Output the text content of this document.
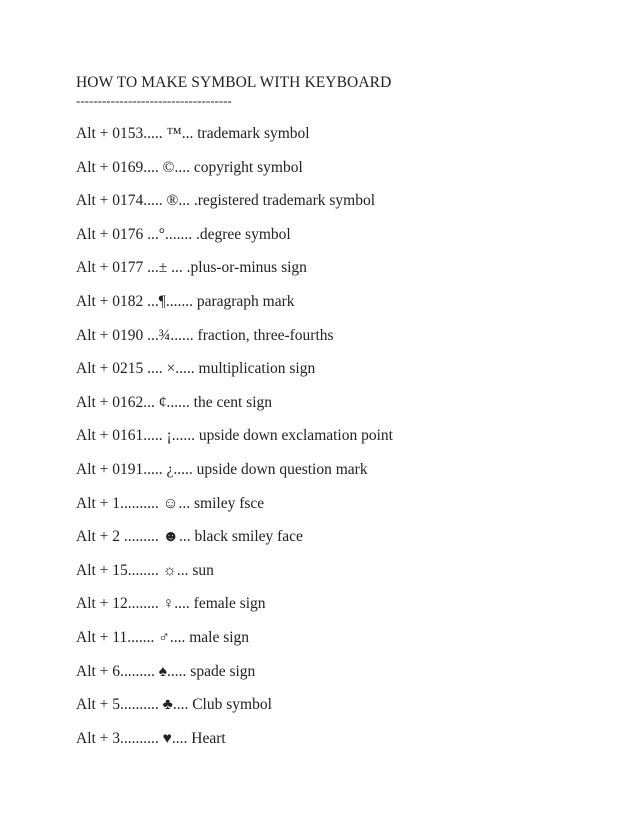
HOW TO MAKE SYMBOL WITH KEYBOARD
------------------------------------
Alt + 0153..... ™... trademark symbol
Alt + 0169.... ©.... copyright symbol
Alt + 0174..... ®... .registered trademark symbol
Alt + 0176 ...°....... .degree symbol
Alt + 0177 ...± ... .plus-or-minus sign
Alt + 0182 ...¶....... paragraph mark
Alt + 0190 ...¾...... fraction, three-fourths
Alt + 0215 .... ×..... multiplication sign
Alt + 0162... ¢...... the cent sign
Alt + 0161..... ¡...... upside down exclamation point
Alt + 0191..... ¿..... upside down question mark
Alt + 1.......... ☺... smiley fsce
Alt + 2 ......... ☻... black smiley face
Alt + 15........ ☼... sun
Alt + 12........ ♀.... female sign
Alt + 11....... ♂.... male sign
Alt + 6......... ♠..... spade sign
Alt + 5.......... ♣.... Club symbol
Alt + 3.......... ♥.... Heart
